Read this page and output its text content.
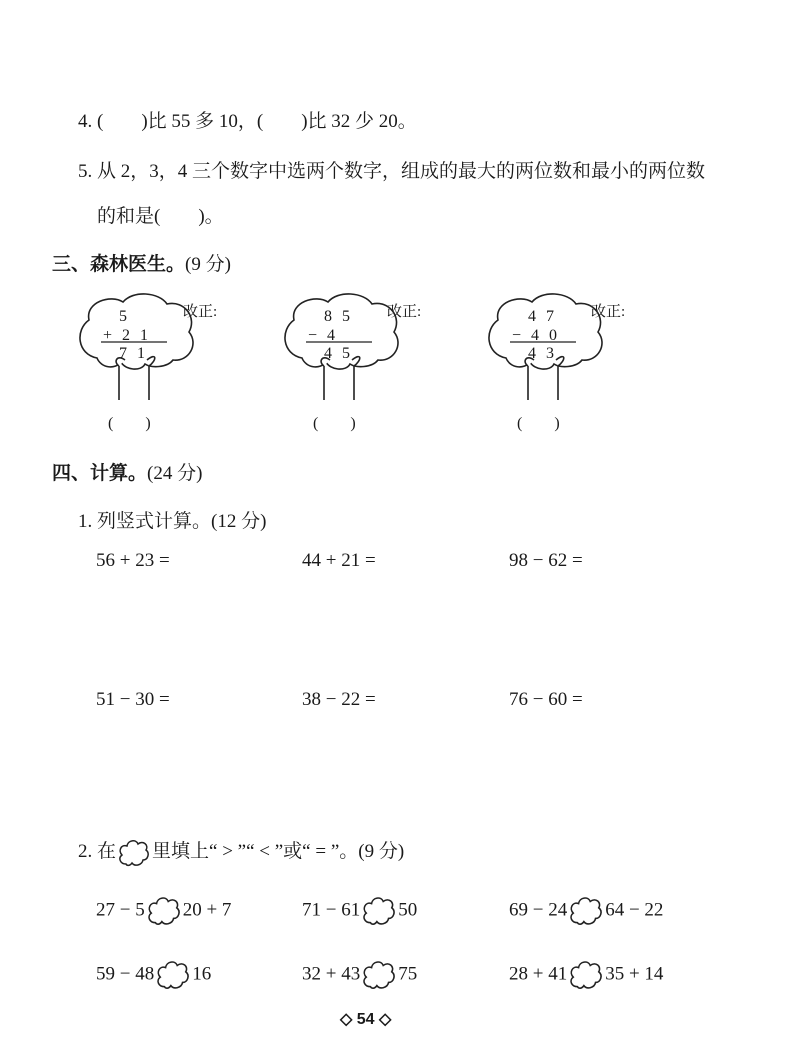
4. (　　)比 55 多 10，(　　)比 32 少 20。
5. 从 2，3，4 三个数字中选两个数字，组成的最大的两位数和最小的两位数
的和是(　　)。
三、森林医生。(9 分)
5
+ 2 1
7 1
改正:
(　　)
8 5
− 4
4 5
改正:
(　　)
4 7
− 4 0
4 3
改正:
(　　)
四、计算。(24 分)
1. 列竖式计算。(12 分)
56 + 23 =	44 + 21 =	98 − 62 =
51 − 30 =	38 − 22 =	76 − 60 =
2. 在 里填上“ > ”“ < ”或“ = ”。(9 分)
27 − 5 20 + 7	71 − 61 50	69 − 24 64 − 22
59 − 48 16	32 + 43 75	28 + 41 35 + 14
◇ 54 ◇
